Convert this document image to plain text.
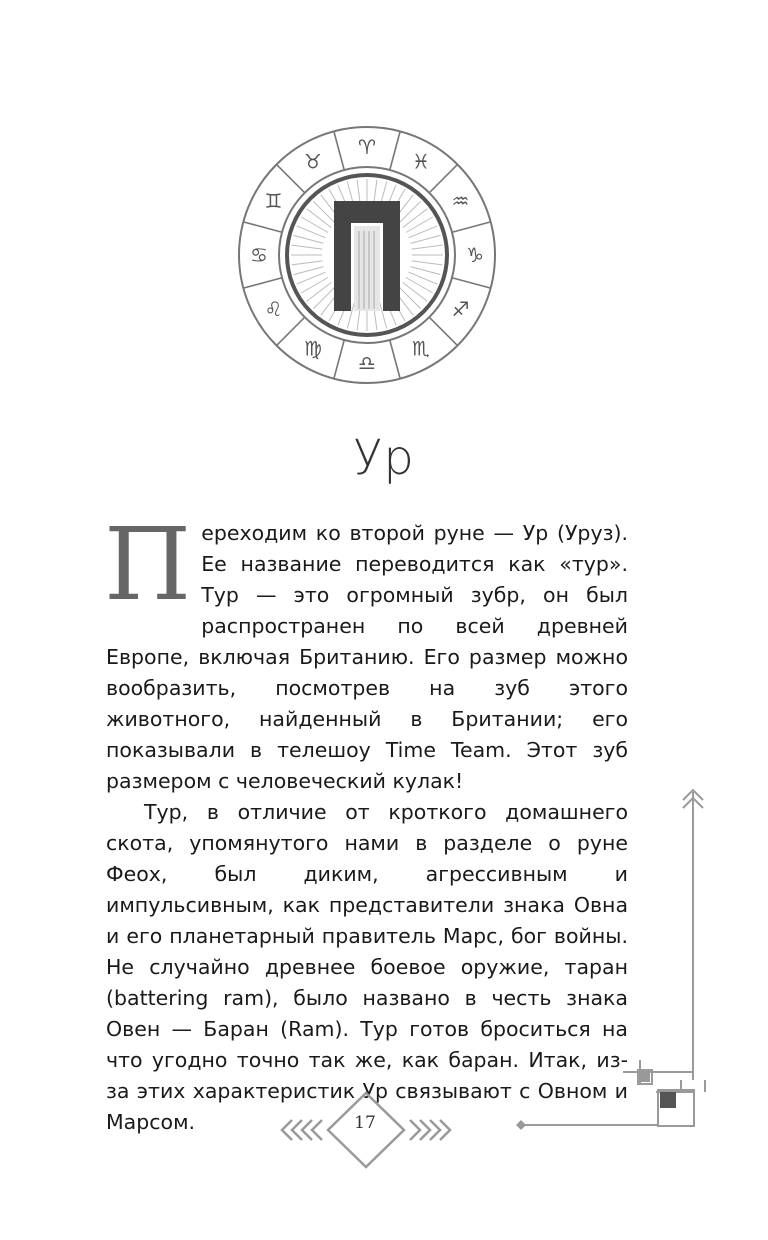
♈
♓
♒
♑
♐
♏
♎
♍
♌
♋
♊
♉
Ур

Переходим ко второй руне — Ур (Уруз). Ее название переводится как «тур». Тур — это огромный зубр, он был распространен по всей древней Европе, включая Британию. Его размер можно вообразить, посмотрев на зуб этого животного, найденный в Британии; его показывали в телешоу Time Team. Этот зуб размером с человеческий кулак!

Тур, в отличие от кроткого домашнего скота, упомянутого нами в разделе о руне Феох, был диким, агрессивным и импульсивным, как представители знака Овна и его планетарный правитель Марс, бог войны. Не случайно древнее боевое оружие, таран (battering ram), было названо в честь знака Овен — Баран (Ram). Тур готов броситься на что угодно точно так же, как баран. Итак, из-за этих характеристик Ур связывают с Овном и Марсом.	17
